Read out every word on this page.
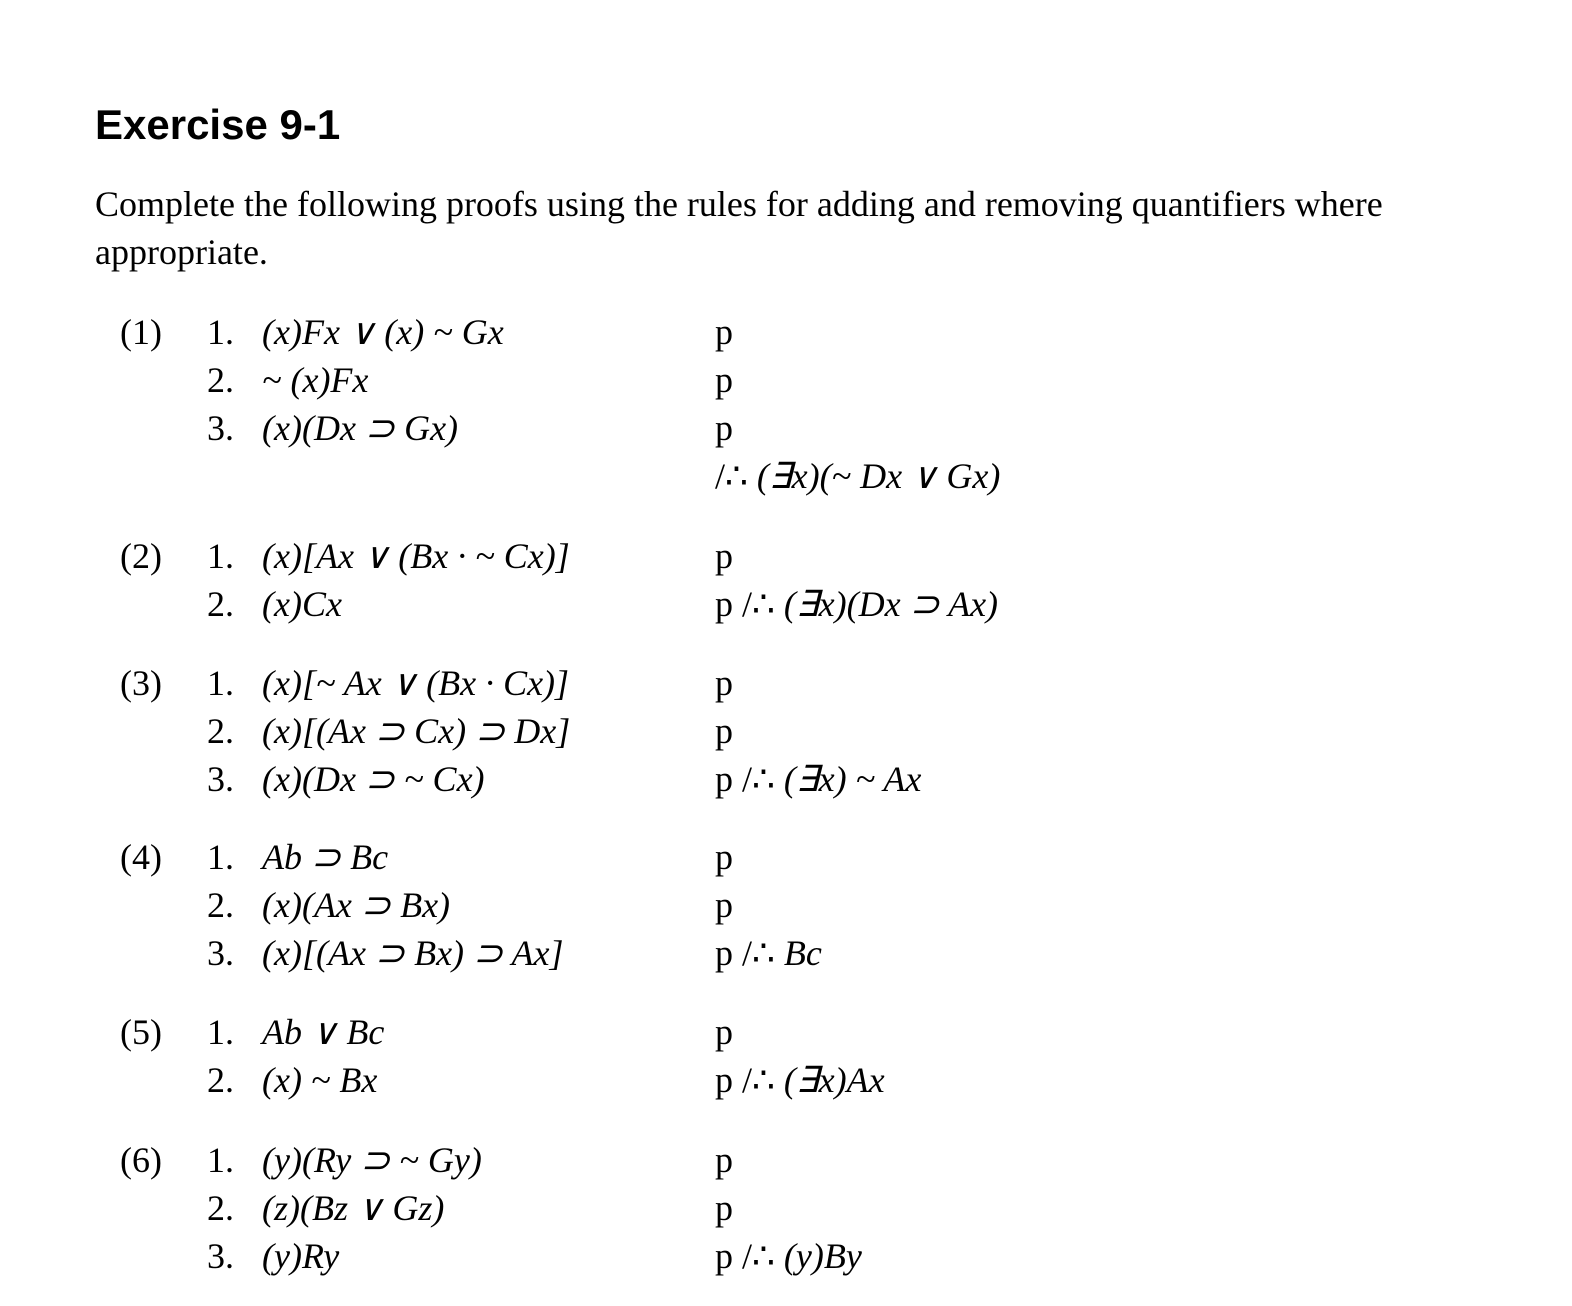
Exercise 9-1

Complete the following proofs using the rules for adding and removing quantifiers where appropriate.

(1) 1. (x)Fx ∨ (x) ~ Gx	p
2. ~ (x)Fx	p
3. (x)(Dx ⊃ Gx)	p
/∴ (∃x)(~ Dx ∨ Gx)
(2) 1. (x)[Ax ∨ (Bx · ~ Cx)]	p
2. (x)Cx	p /∴ (∃x)(Dx ⊃ Ax)
(3) 1. (x)[~ Ax ∨ (Bx · Cx)]	p
2. (x)[(Ax ⊃ Cx) ⊃ Dx]	p
3. (x)(Dx ⊃ ~ Cx)	p /∴ (∃x) ~ Ax
(4) 1. Ab ⊃ Bc	p
2. (x)(Ax ⊃ Bx)	p
3. (x)[(Ax ⊃ Bx) ⊃ Ax]	p /∴ Bc
(5) 1. Ab ∨ Bc	p
2. (x) ~ Bx	p /∴ (∃x)Ax
(6) 1. (y)(Ry ⊃ ~ Gy)	p
2. (z)(Bz ∨ Gz)	p
3. (y)Ry	p /∴ (y)By
